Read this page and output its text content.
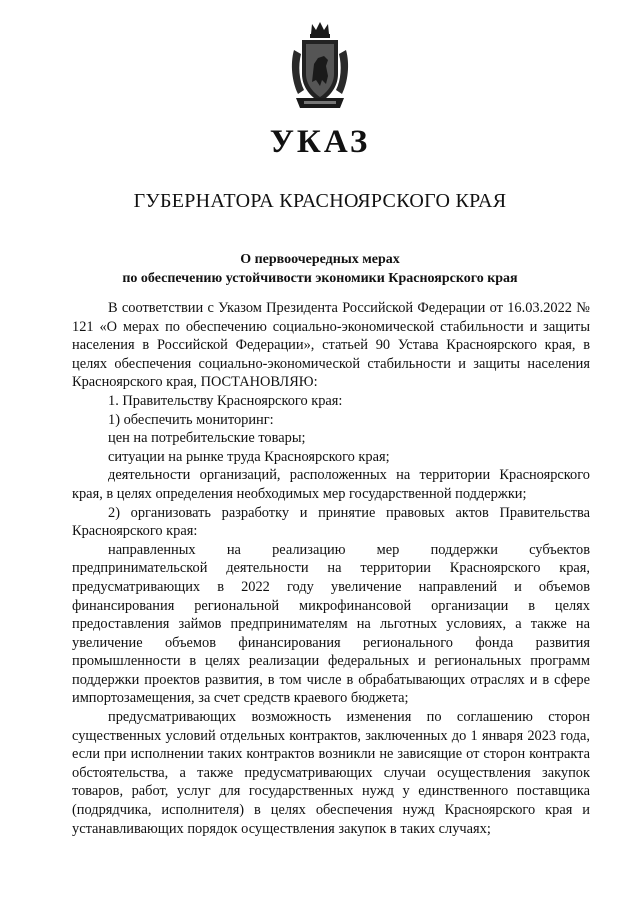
УКАЗ
ГУБЕРНАТОРА КРАСНОЯРСКОГО КРАЯ
О первоочередных мерах
по обеспечению устойчивости экономики Красноярского края

В соответствии с Указом Президента Российской Федерации от 16.03.2022 № 121 «О мерах по обеспечению социально-экономической стабильности и защиты населения в Российской Федерации», статьей 90 Устава Красноярского края, в целях обеспечения социально-экономической стабильности и защиты населения Красноярского края, ПОСТАНОВЛЯЮ:

1. Правительству Красноярского края:

1) обеспечить мониторинг:

цен на потребительские товары;

ситуации на рынке труда Красноярского края;

деятельности организаций, расположенных на территории Красноярского края, в целях определения необходимых мер государственной поддержки;

2) организовать разработку и принятие правовых актов Правительства Красноярского края:

направленных на реализацию мер поддержки субъектов предпринимательской деятельности на территории Красноярского края, предусматривающих в 2022 году увеличение направлений и объемов финансирования региональной микрофинансовой организации в целях предоставления займов предпринимателям на льготных условиях, а также на увеличение объемов финансирования регионального фонда развития промышленности в целях реализации федеральных и региональных программ поддержки проектов развития, в том числе в обрабатывающих отраслях и в сфере импортозамещения, за счет средств краевого бюджета;

предусматривающих возможность изменения по соглашению сторон существенных условий отдельных контрактов, заключенных до 1 января 2023 года, если при исполнении таких контрактов возникли не зависящие от сторон контракта обстоятельства, а также предусматривающих случаи осуществления закупок товаров, работ, услуг для государственных нужд у единственного поставщика (подрядчика, исполнителя) в целях обеспечения нужд Красноярского края и устанавливающих порядок осуществления закупок в таких случаях;
